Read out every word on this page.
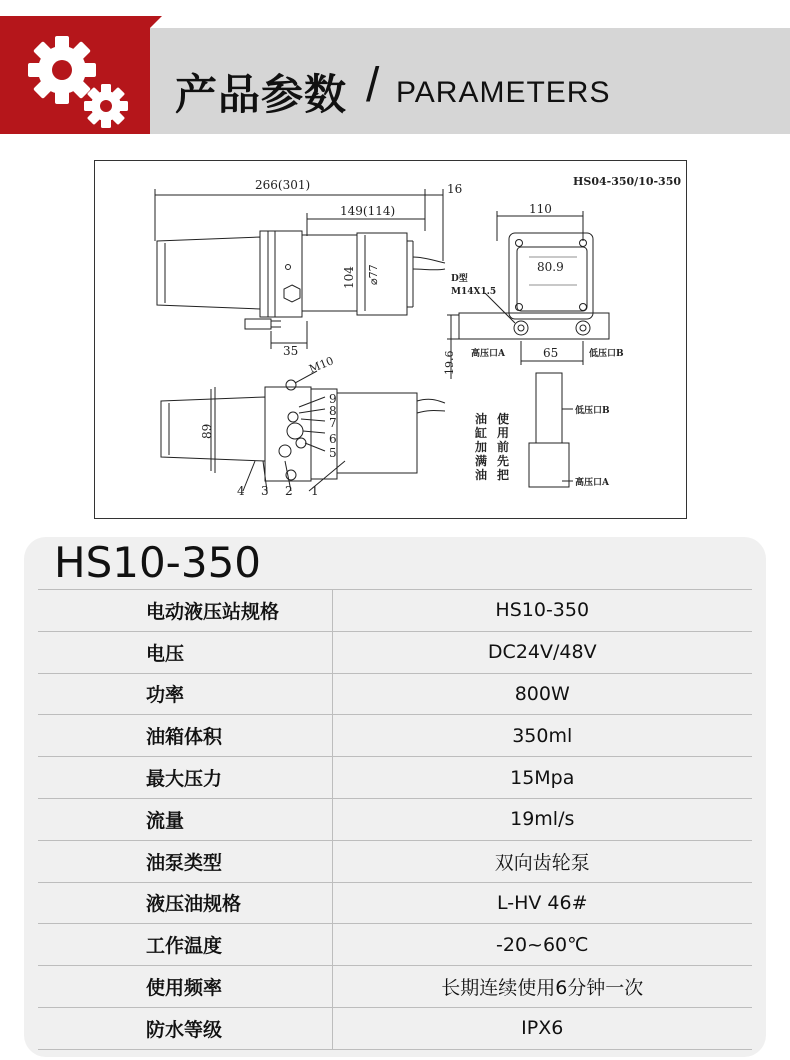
产品参数 / PARAMETERS
HS04-350/10-350
266(301)
149(114)
16
35
104 ⌀77
89
M10
110
80.9
19.6	65
D型
M14X1.5
高压口A	低压口B
低压口B
高压口A
使
用
前
先
把
油
缸
加
满
油
1
2
3
4
5
6
7
8
9
HS10-350
电动液压站规格	HS10-350
电压	DC24V/48V
功率	800W
油箱体积	350ml
最大压力	15Mpa
流量	19ml/s
油泵类型	双向齿轮泵
液压油规格	L-HV 46#
工作温度	-20~60℃
使用频率	长期连续使用6分钟一次
防水等级	IPX6
